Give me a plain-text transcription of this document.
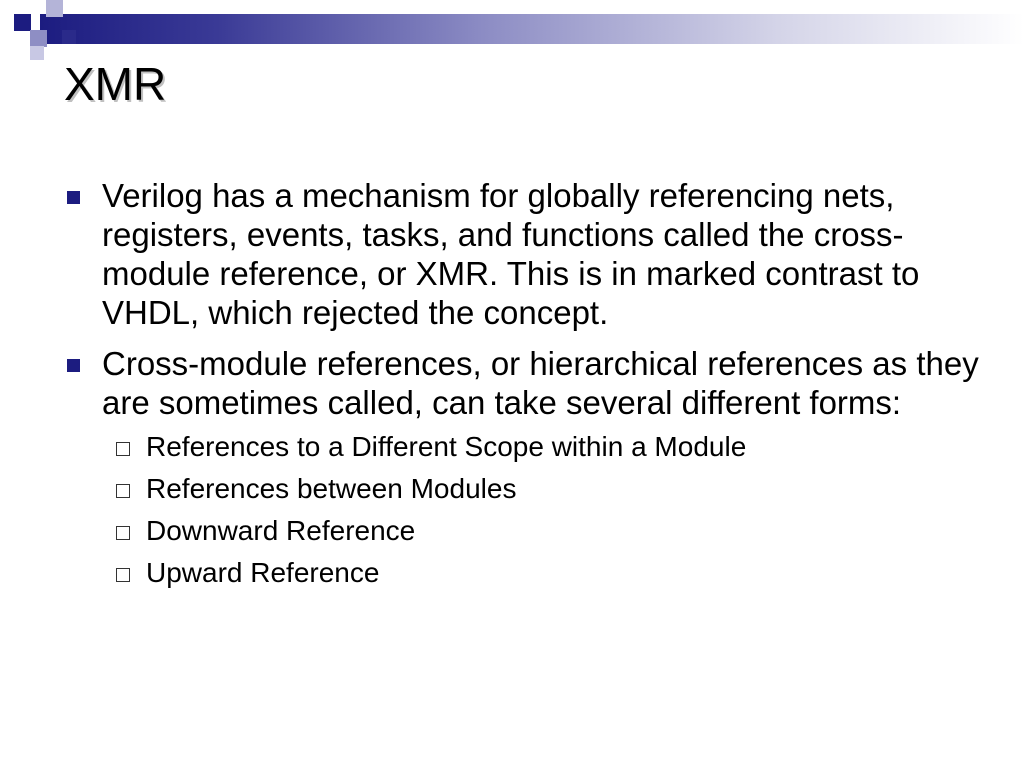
XMR
Verilog has a mechanism for globally referencing nets, registers, events, tasks, and functions called the cross-module reference, or XMR. This is in marked contrast to VHDL, which rejected the concept.
Cross-module references, or hierarchical references as they are sometimes called, can take several different forms:
References to a Different Scope within a Module
References between Modules
Downward Reference
Upward Reference
